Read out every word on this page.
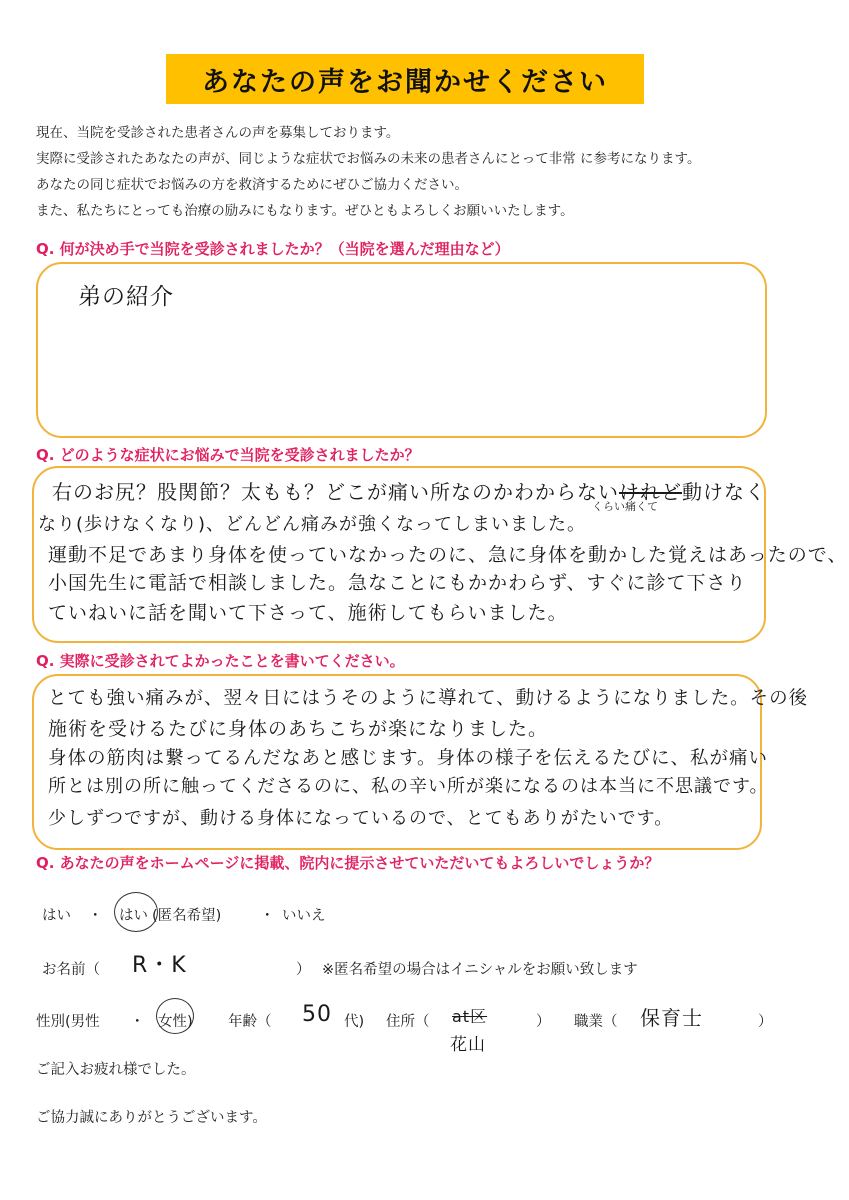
あなたの声をお聞かせください
現在、当院を受診された患者さんの声を募集しております。
実際に受診されたあなたの声が、同じような症状でお悩みの未来の患者さんにとって非常 に参考になります。
あなたの同じ症状でお悩みの方を救済するためにぜひご協力ください。
また、私たちにとっても治療の励みにもなります。ぜひともよろしくお願いいたします。
Q. 何が決め手で当院を受診されましたか？（当院を選んだ理由など）
弟の紹介
Q. どのような症状にお悩みで当院を受診されましたか？
右のお尻？股関節？太もも？どこが痛い所なのかわからないけれど動けなく
くらい痛くて
なり(歩けなくなり)、どんどん痛みが強くなってしまいました。
運動不足であまり身体を使っていなかったのに、急に身体を動かした覚えはあったので、
小国先生に電話で相談しました。急なことにもかかわらず、すぐに診て下さり
ていねいに話を聞いて下さって、施術してもらいました。
Q. 実際に受診されてよかったことを書いてください。
とても強い痛みが、翌々日にはうそのように導れて、動けるようになりました。その後
施術を受けるたびに身体のあちこちが楽になりました。
身体の筋肉は繋ってるんだなあと感じます。身体の様子を伝えるたびに、私が痛い
所とは別の所に触ってくださるのに、私の辛い所が楽になるのは本当に不思議です。
少しずつですが、動ける身体になっているので、とてもありがたいです。
Q. あなたの声をホームページに掲載、院内に提示させていただいてもよろしいでしょうか？
はい ・ はい (匿名希望)	・ いいえ
お名前（ R・K	） ※匿名希望の場合はイニシャルをお願い致します
性別(男性 ・ 女性) 年齢（ 50 代) 住所（ at区
花山
） 職業（ 保育士	）
ご記入お疲れ様でした。
ご協力誠にありがとうございます。
